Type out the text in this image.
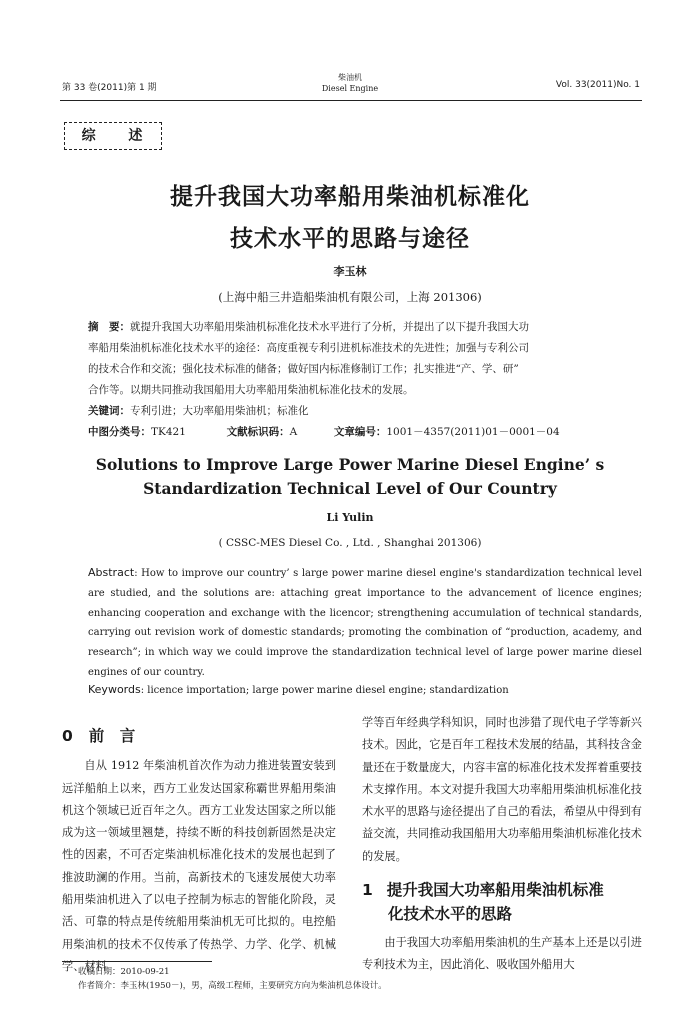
第 33 卷(2011)第 1 期
柴油机
Diesel Engine	Vol. 33(2011)No. 1
综 述
提升我国大功率船用柴油机标准化
技术水平的思路与途径
李玉林
(上海中船三井造船柴油机有限公司，上海 201306)
摘　要：就提升我国大功率船用柴油机标准化技术水平进行了分析，并提出了以下提升我国大功
率船用柴油机标准化技术水平的途径：高度重视专利引进机标准技术的先进性；加强与专利公司
的技术合作和交流；强化技术标准的储备；做好国内标准修制订工作；扎实推进“产、学、研”
合作等。以期共同推动我国船用大功率船用柴油机标准化技术的发展。
关键词：专利引进；大功率船用柴油机；标准化
中图分类号：TK421	文献标识码：A	文章编号：1001－4357(2011)01－0001－04
Solutions to Improve Large Power Marine Diesel Engine’ s
Standardization Technical Level of Our Country
Li Yulin
( CSSC-MES Diesel Co. , Ltd. , Shanghai 201306)
Abstract: How to improve our country’ s large power marine diesel engine's standardization technical level are studied, and the solutions are: attaching great importance to the advancement of licence engines; enhancing cooperation and exchange with the licencor; strengthening accumulation of technical standards, carrying out revision work of domestic standards; promoting the combination of “production, academy, and research”; in which way we could improve the standardization technical level of large power marine diesel engines of our country.
Keywords: licence importation; large power marine diesel engine; standardization
0 前　言
自从 1912 年柴油机首次作为动力推进装置安装到远洋船舶上以来，西方工业发达国家称霸世界船用柴油机这个领域已近百年之久。西方工业发达国家之所以能成为这一领域里翘楚，持续不断的科技创新固然是决定性的因素，不可否定柴油机标准化技术的发展也起到了推波助澜的作用。当前，高新技术的飞速发展使大功率船用柴油机进入了以电子控制为标志的智能化阶段，灵活、可靠的特点是传统船用柴油机无可比拟的。电控船用柴油机的技术不仅传承了传热学、力学、化学、机械学、材料
学等百年经典学科知识，同时也涉猎了现代电子学等新兴技术。因此，它是百年工程技术发展的结晶，其科技含金量还在于数量庞大，内容丰富的标准化技术发挥着重要技术支撑作用。本文对提升我国大功率船用柴油机标准化技术水平的思路与途径提出了自己的看法，希望从中得到有益交流，共同推动我国船用大功率船用柴油机标准化技术的发展。
1 提升我国大功率船用柴油机标准
化技术水平的思路
由于我国大功率船用柴油机的生产基本上还是以引进专利技术为主，因此消化、吸收国外船用大
收稿日期：2010-09-21
作者简介：李玉林(1950－)，男，高级工程师，主要研究方向为柴油机总体设计。
